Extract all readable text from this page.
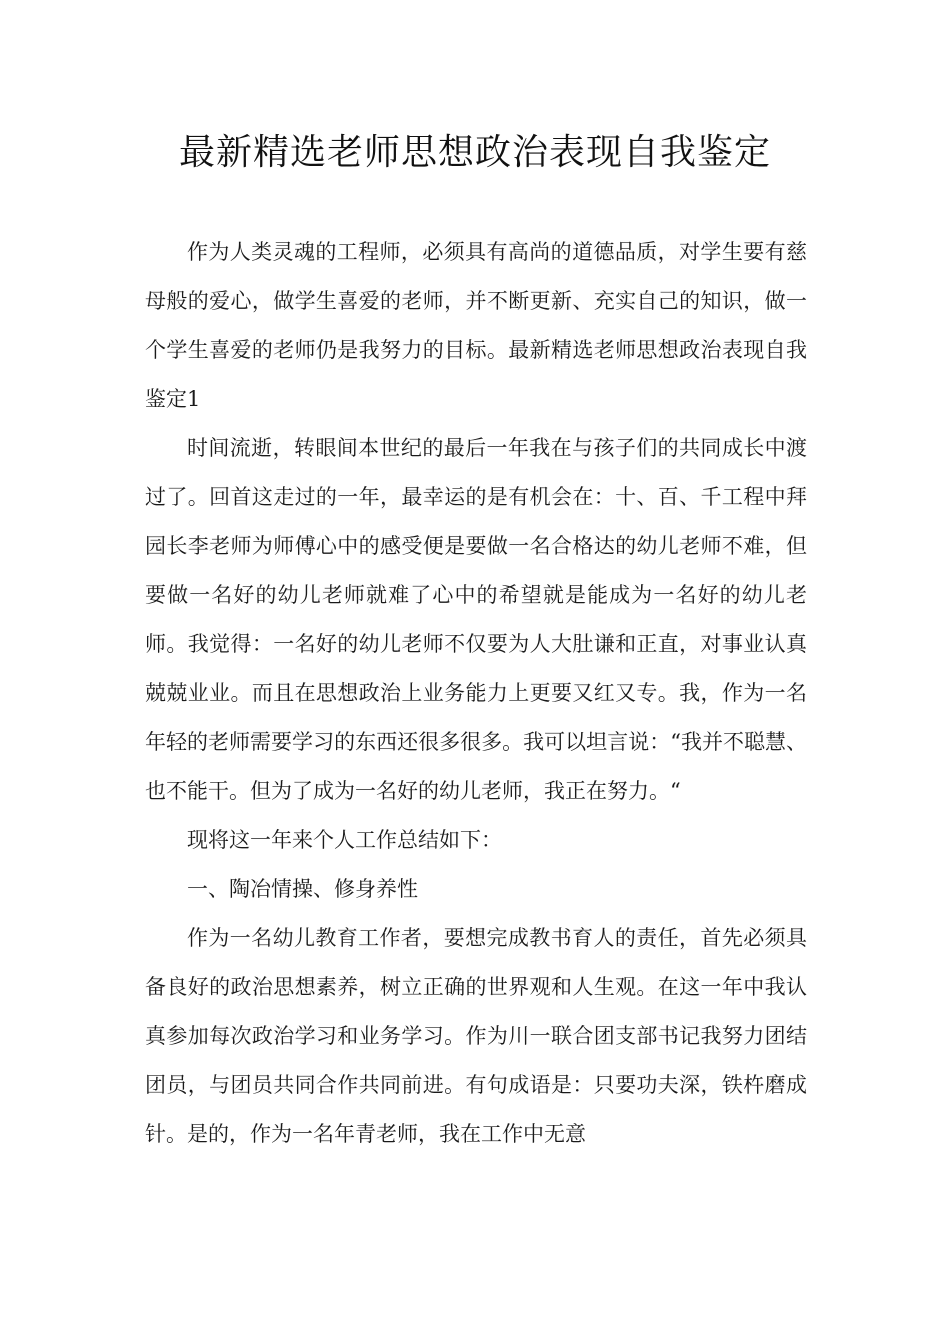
最新精选老师思想政治表现自我鉴定

作为人类灵魂的工程师，必须具有高尚的道德品质，对学生要有慈母般的爱心，做学生喜爱的老师，并不断更新、充实自己的知识，做一个学生喜爱的老师仍是我努力的目标。最新精选老师思想政治表现自我鉴定1

时间流逝，转眼间本世纪的最后一年我在与孩子们的共同成长中渡过了。回首这走过的一年，最幸运的是有机会在：十、百、千工程中拜园长李老师为师傅心中的感受便是要做一名合格达的幼儿老师不难，但要做一名好的幼儿老师就难了心中的希望就是能成为一名好的幼儿老师。我觉得：一名好的幼儿老师不仅要为人大肚谦和正直，对事业认真兢兢业业。而且在思想政治上业务能力上更要又红又专。我，作为一名年轻的老师需要学习的东西还很多很多。我可以坦言说：“我并不聪慧、也不能干。但为了成为一名好的幼儿老师，我正在努力。“

现将这一年来个人工作总结如下：

一、陶冶情操、修身养性

作为一名幼儿教育工作者，要想完成教书育人的责任，首先必须具备良好的政治思想素养，树立正确的世界观和人生观。在这一年中我认真参加每次政治学习和业务学习。作为川一联合团支部书记我努力团结团员，与团员共同合作共同前进。有句成语是：只要功夫深，铁杵磨成针。是的，作为一名年青老师，我在工作中无意
